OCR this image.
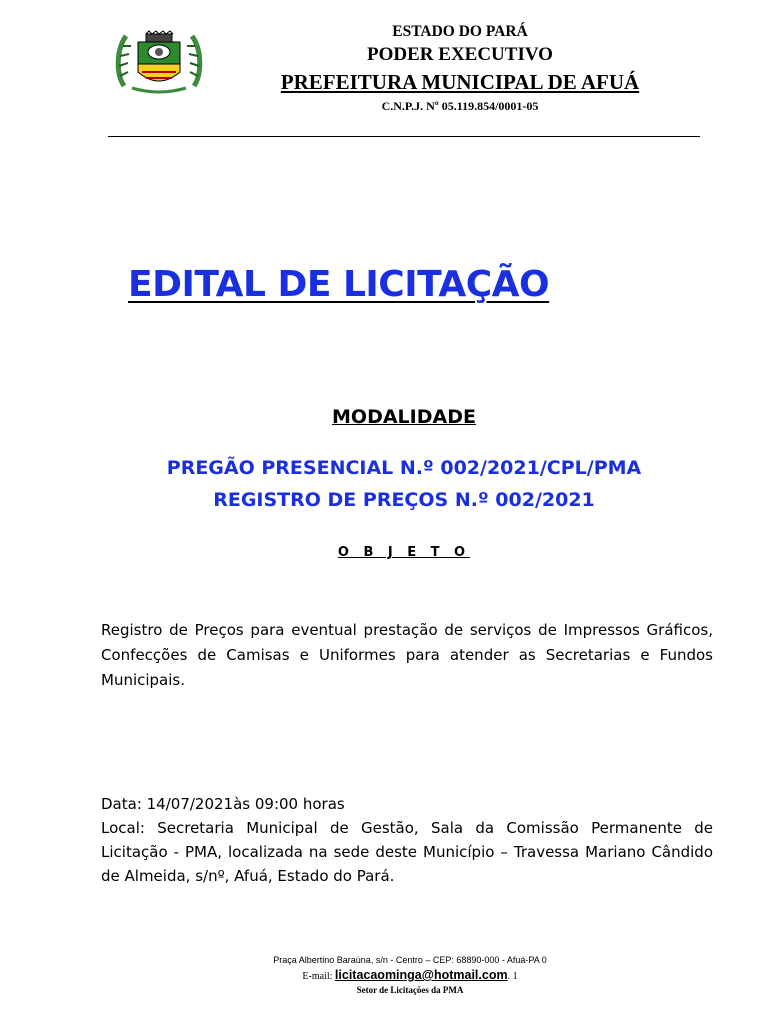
ESTADO DO PARÁ
PODER EXECUTIVO
PREFEITURA MUNICIPAL DE AFUÁ
C.N.P.J. Nº 05.119.854/0001-05
EDITAL DE LICITAÇÃO
MODALIDADE
PREGÃO PRESENCIAL N.º 002/2021/CPL/PMA
REGISTRO DE PREÇOS N.º 002/2021
O B J E T O
Registro de Preços para eventual prestação de serviços de Impressos Gráficos, Confecções de Camisas e Uniformes para atender as Secretarias e Fundos Municipais.
Data: 14/07/2021às 09:00 horas
Local: Secretaria Municipal de Gestão, Sala da Comissão Permanente de Licitação - PMA, localizada na sede deste Município – Travessa Mariano Cândido de Almeida, s/nº, Afuá, Estado do Pará.
Praça Albertino Baraúna, s/n - Centro – CEP: 68890-000 - Afuá-PA 0
E-mail: licitacaominga@hotmail.com. 1
Setor de Licitações da PMA
